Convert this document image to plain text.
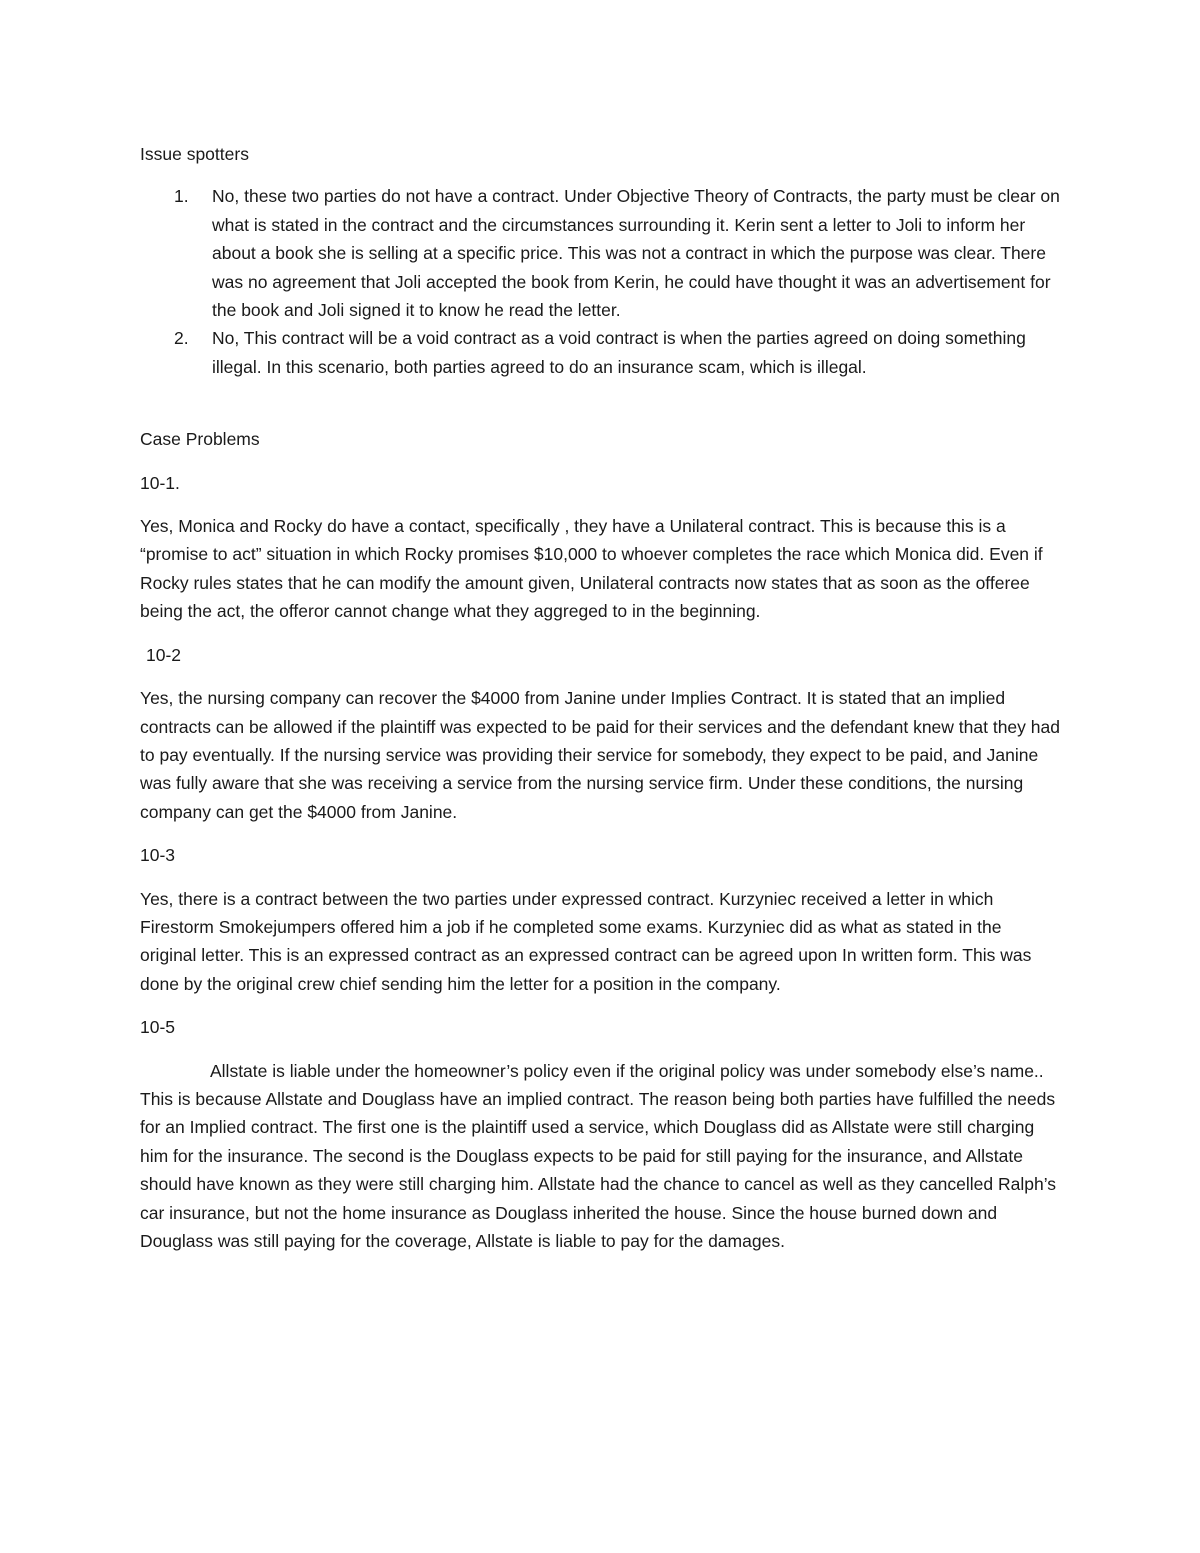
Issue spotters

1. No, these two parties do not have a contract. Under Objective Theory of Contracts, the party must be clear on what is stated in the contract and the circumstances surrounding it. Kerin sent a letter to Joli to inform her about a book she is selling at a specific price. This was not a contract in which the purpose was clear. There was no agreement that Joli accepted the book from Kerin, he could have thought it was an advertisement for the book and Joli signed it to know he read the letter.
2. No, This contract will be a void contract as a void contract is when the parties agreed on doing something illegal. In this scenario, both parties agreed to do an insurance scam, which is illegal.

Case Problems

10-1.

Yes, Monica and Rocky do have a contact, specifically , they have a Unilateral contract. This is because this is a “promise to act” situation in which Rocky promises $10,000 to whoever completes the race which Monica did. Even if Rocky rules states that he can modify the amount given, Unilateral contracts now states that as soon as the offeree being the act, the offeror cannot change what they aggreged to in the beginning.

10-2

Yes, the nursing company can recover the $4000 from Janine under Implies Contract. It is stated that an implied contracts can be allowed if the plaintiff was expected to be paid for their services and the defendant knew that they had to pay eventually. If the nursing service was providing their service for somebody, they expect to be paid, and Janine was fully aware that she was receiving a service from the nursing service firm. Under these conditions, the nursing company can get the $4000 from Janine.

10-3

Yes, there is a contract between the two parties under expressed contract. Kurzyniec received a letter in which Firestorm Smokejumpers offered him a job if he completed some exams. Kurzyniec did as what as stated in the original letter. This is an expressed contract as an expressed contract can be agreed upon In written form. This was done by the original crew chief sending him the letter for a position in the company.

10-5

Allstate is liable under the homeowner’s policy even if the original policy was under somebody else’s name.. This is because Allstate and Douglass have an implied contract. The reason being both parties have fulfilled the needs for an Implied contract. The first one is the plaintiff used a service, which Douglass did as Allstate were still charging him for the insurance. The second is the Douglass expects to be paid for still paying for the insurance, and Allstate should have known as they were still charging him. Allstate had the chance to cancel as well as they cancelled Ralph’s car insurance, but not the home insurance as Douglass inherited the house. Since the house burned down and Douglass was still paying for the coverage, Allstate is liable to pay for the damages.
